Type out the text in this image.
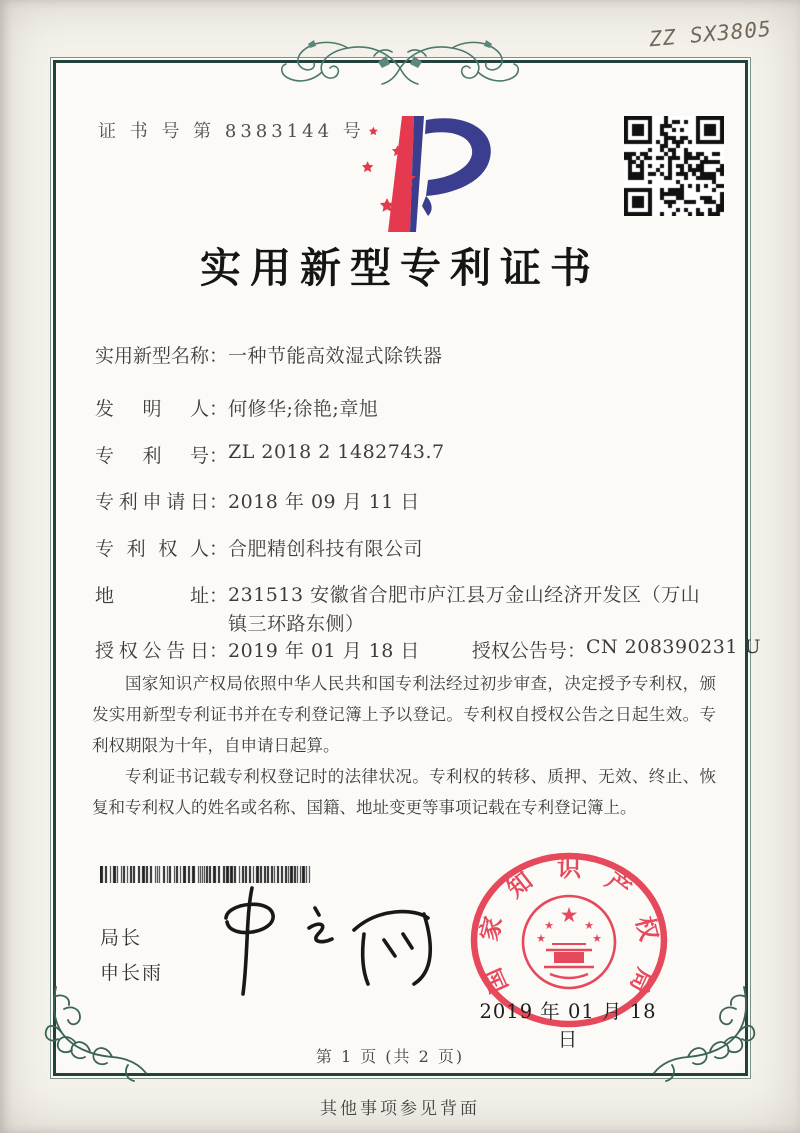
ZZ SX3805
证 书 号 第 8383144 号
实用新型专利证书
实用新型名称：一种节能高效湿式除铁器
发明人：何修华;徐艳;章旭
专利号：ZL 2018 2 1482743.7
专利申请日：2018 年 09 月 11 日
专利权人：合肥精创科技有限公司
地址：231513 安徽省合肥市庐江县万金山经济开发区（万山镇三环路东侧）
授权公告日：2019 年 01 月 18 日	授权公告号：CN 208390231 U

国家知识产权局依照中华人民共和国专利法经过初步审查，决定授予专利权，颁发实用新型专利证书并在专利登记簿上予以登记。专利权自授权公告之日起生效。专利权期限为十年，自申请日起算。

专利证书记载专利权登记时的法律状况。专利权的转移、质押、无效、终止、恢复和专利权人的姓名或名称、国籍、地址变更等事项记载在专利登记簿上。

局长
申长雨
★
★	★
★	★
国
家
知 识 产
权
局
2019 年 01 月 18 日
第 1 页 (共 2 页)
其他事项参见背面
